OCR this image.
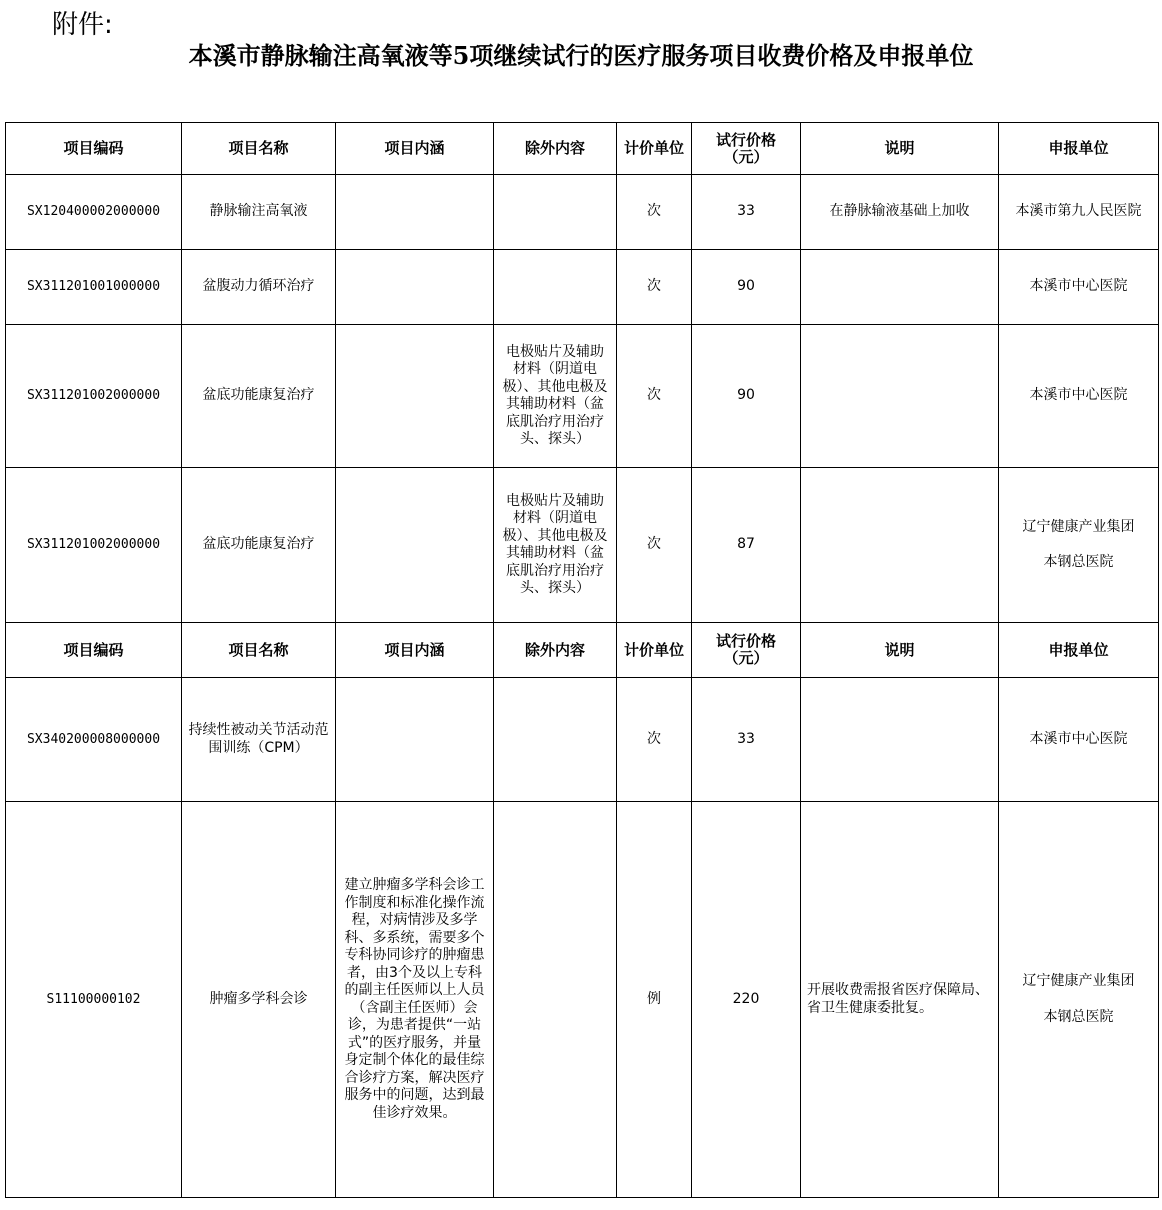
附件:
本溪市静脉输注高氧液等5项继续试行的医疗服务项目收费价格及申报单位
项目编码	项目名称	项目内涵	除外内容	计价单位	试行价格（元）	说明	申报单位
SX120400002000000	静脉输注高氧液			次	33	在静脉输液基础上加收	本溪市第九人民医院
SX311201001000000	盆腹动力循环治疗			次	90		本溪市中心医院
SX311201002000000	盆底功能康复治疗		电极贴片及辅助材料（阴道电极）、其他电极及其辅助材料（盆底肌治疗用治疗头、探头）	次	90		本溪市中心医院
SX311201002000000	盆底功能康复治疗		电极贴片及辅助材料（阴道电极）、其他电极及其辅助材料（盆底肌治疗用治疗头、探头）	次	87		辽宁健康产业集团
本钢总医院

项目编码	项目名称	项目内涵	除外内容	计价单位	试行价格（元）	说明	申报单位
SX340200008000000	持续性被动关节活动范围训练（CPM）			次	33		本溪市中心医院
S11100000102	肿瘤多学科会诊	建立肿瘤多学科会诊工作制度和标准化操作流程，对病情涉及多学科、多系统，需要多个专科协同诊疗的肿瘤患者，由3个及以上专科的副主任医师以上人员（含副主任医师）会诊，为患者提供“一站式”的医疗服务，并量身定制个体化的最佳综合诊疗方案，解决医疗服务中的问题，达到最佳诊疗效果。		例	220	开展收费需报省医疗保障局、省卫生健康委批复。	辽宁健康产业集团
本钢总医院
